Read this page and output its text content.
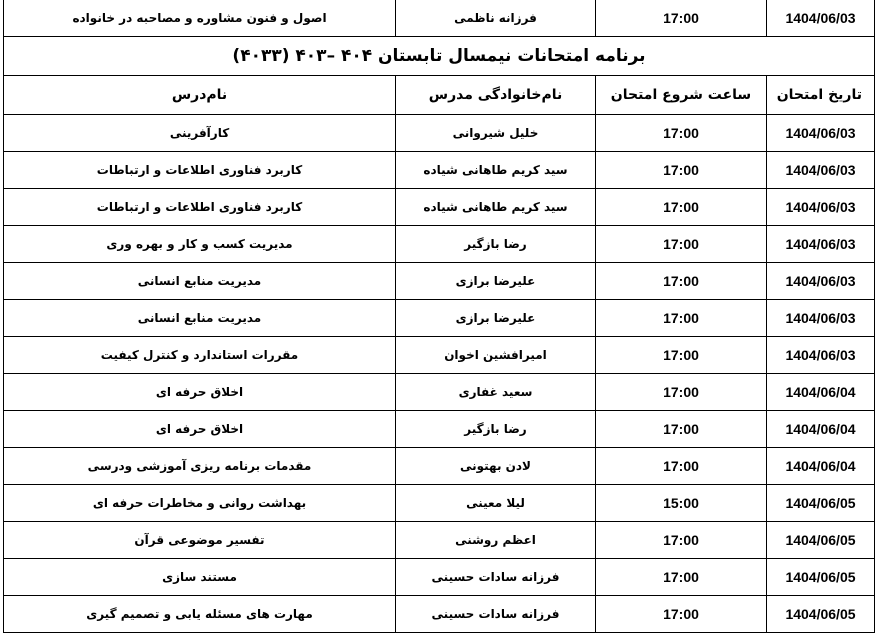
1404/06/03	17:00	فرزانه ناظمی	اصول و فنون مشاوره و مصاحبه در خانواده
برنامه امتحانات نیمسال تابستان ۴۰۴ –۴۰۳ (۴۰۳۳)			
تاریخ امتحان	ساعت شروع امتحان	نام‌خانوادگی مدرس	نام‌درس
1404/06/03	17:00	خلیل شیروانی	کارآفرینی
1404/06/03	17:00	سید کریم طاهانی شیاده	کاربرد فناوری اطلاعات و ارتباطات
1404/06/03	17:00	سید کریم طاهانی شیاده	کاربرد فناوری اطلاعات و ارتباطات
1404/06/03	17:00	رضا بازگیر	مدیریت کسب و کار و بهره وری
1404/06/03	17:00	علیرضا برازی	مدیریت منابع انسانی
1404/06/03	17:00	علیرضا برازی	مدیریت منابع انسانی
1404/06/03	17:00	امیرافشین اخوان	مقررات استاندارد و کنترل کیفیت
1404/06/04	17:00	سعید غفاری	اخلاق حرفه ای
1404/06/04	17:00	رضا بازگیر	اخلاق حرفه ای
1404/06/04	17:00	لادن بهتونی	مقدمات برنامه ریزی آموزشی ودرسی
1404/06/05	15:00	لیلا معینی	بهداشت روانی و مخاطرات حرفه ای
1404/06/05	17:00	اعظم روشنی	تفسیر موضوعی قرآن
1404/06/05	17:00	فرزانه سادات حسینی	مستند سازی
1404/06/05	17:00	فرزانه سادات حسینی	مهارت های مسئله یابی و تصمیم گیری
